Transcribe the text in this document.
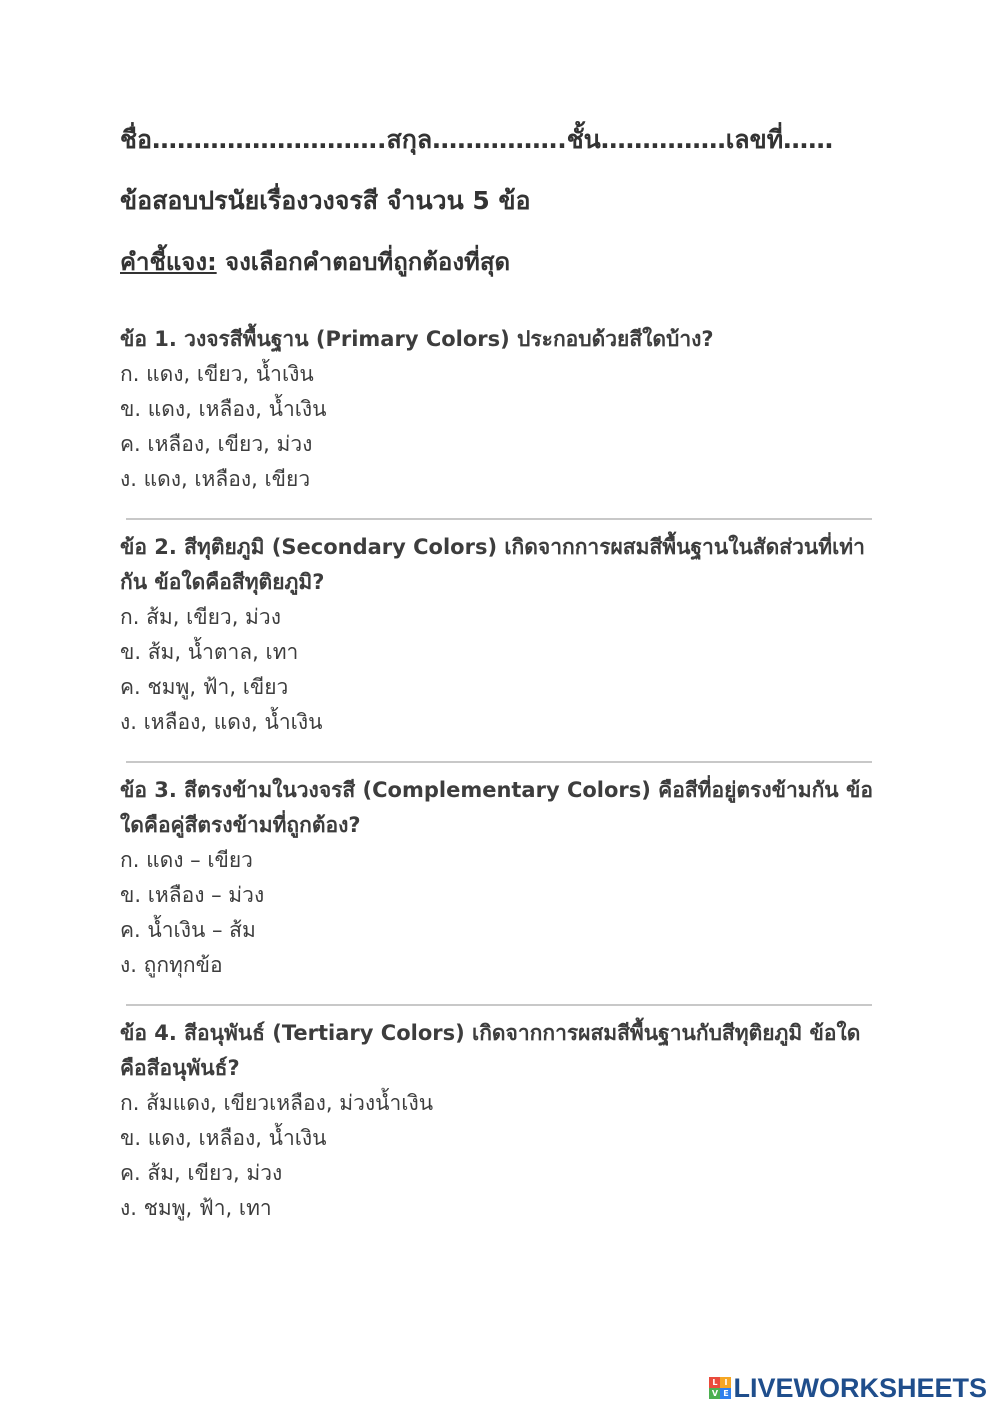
ชื่อ……………………….สกุล…………….ชั้น……………เลขที่……
ข้อสอบปรนัยเรื่องวงจรสี จำนวน 5 ข้อ
คำชี้แจง: จงเลือกคำตอบที่ถูกต้องที่สุด
ข้อ 1. วงจรสีพื้นฐาน (Primary Colors) ประกอบด้วยสีใดบ้าง?
ก. แดง, เขียว, น้ำเงิน
ข. แดง, เหลือง, น้ำเงิน
ค. เหลือง, เขียว, ม่วง
ง. แดง, เหลือง, เขียว
ข้อ 2. สีทุติยภูมิ (Secondary Colors) เกิดจากการผสมสีพื้นฐานในสัดส่วนที่เท่ากัน ข้อใดคือสีทุติยภูมิ?
ก. ส้ม, เขียว, ม่วง
ข. ส้ม, น้ำตาล, เทา
ค. ชมพู, ฟ้า, เขียว
ง. เหลือง, แดง, น้ำเงิน
ข้อ 3. สีตรงข้ามในวงจรสี (Complementary Colors) คือสีที่อยู่ตรงข้ามกัน ข้อใดคือคู่สีตรงข้ามที่ถูกต้อง?
ก. แดง – เขียว
ข. เหลือง – ม่วง
ค. น้ำเงิน – ส้ม
ง. ถูกทุกข้อ
ข้อ 4. สีอนุพันธ์ (Tertiary Colors) เกิดจากการผสมสีพื้นฐานกับสีทุติยภูมิ ข้อใดคือสีอนุพันธ์?
ก. ส้มแดง, เขียวเหลือง, ม่วงน้ำเงิน
ข. แดง, เหลือง, น้ำเงิน
ค. ส้ม, เขียว, ม่วง
ง. ชมพู, ฟ้า, เทา
L I
V E LIVEWORKSHEETS
